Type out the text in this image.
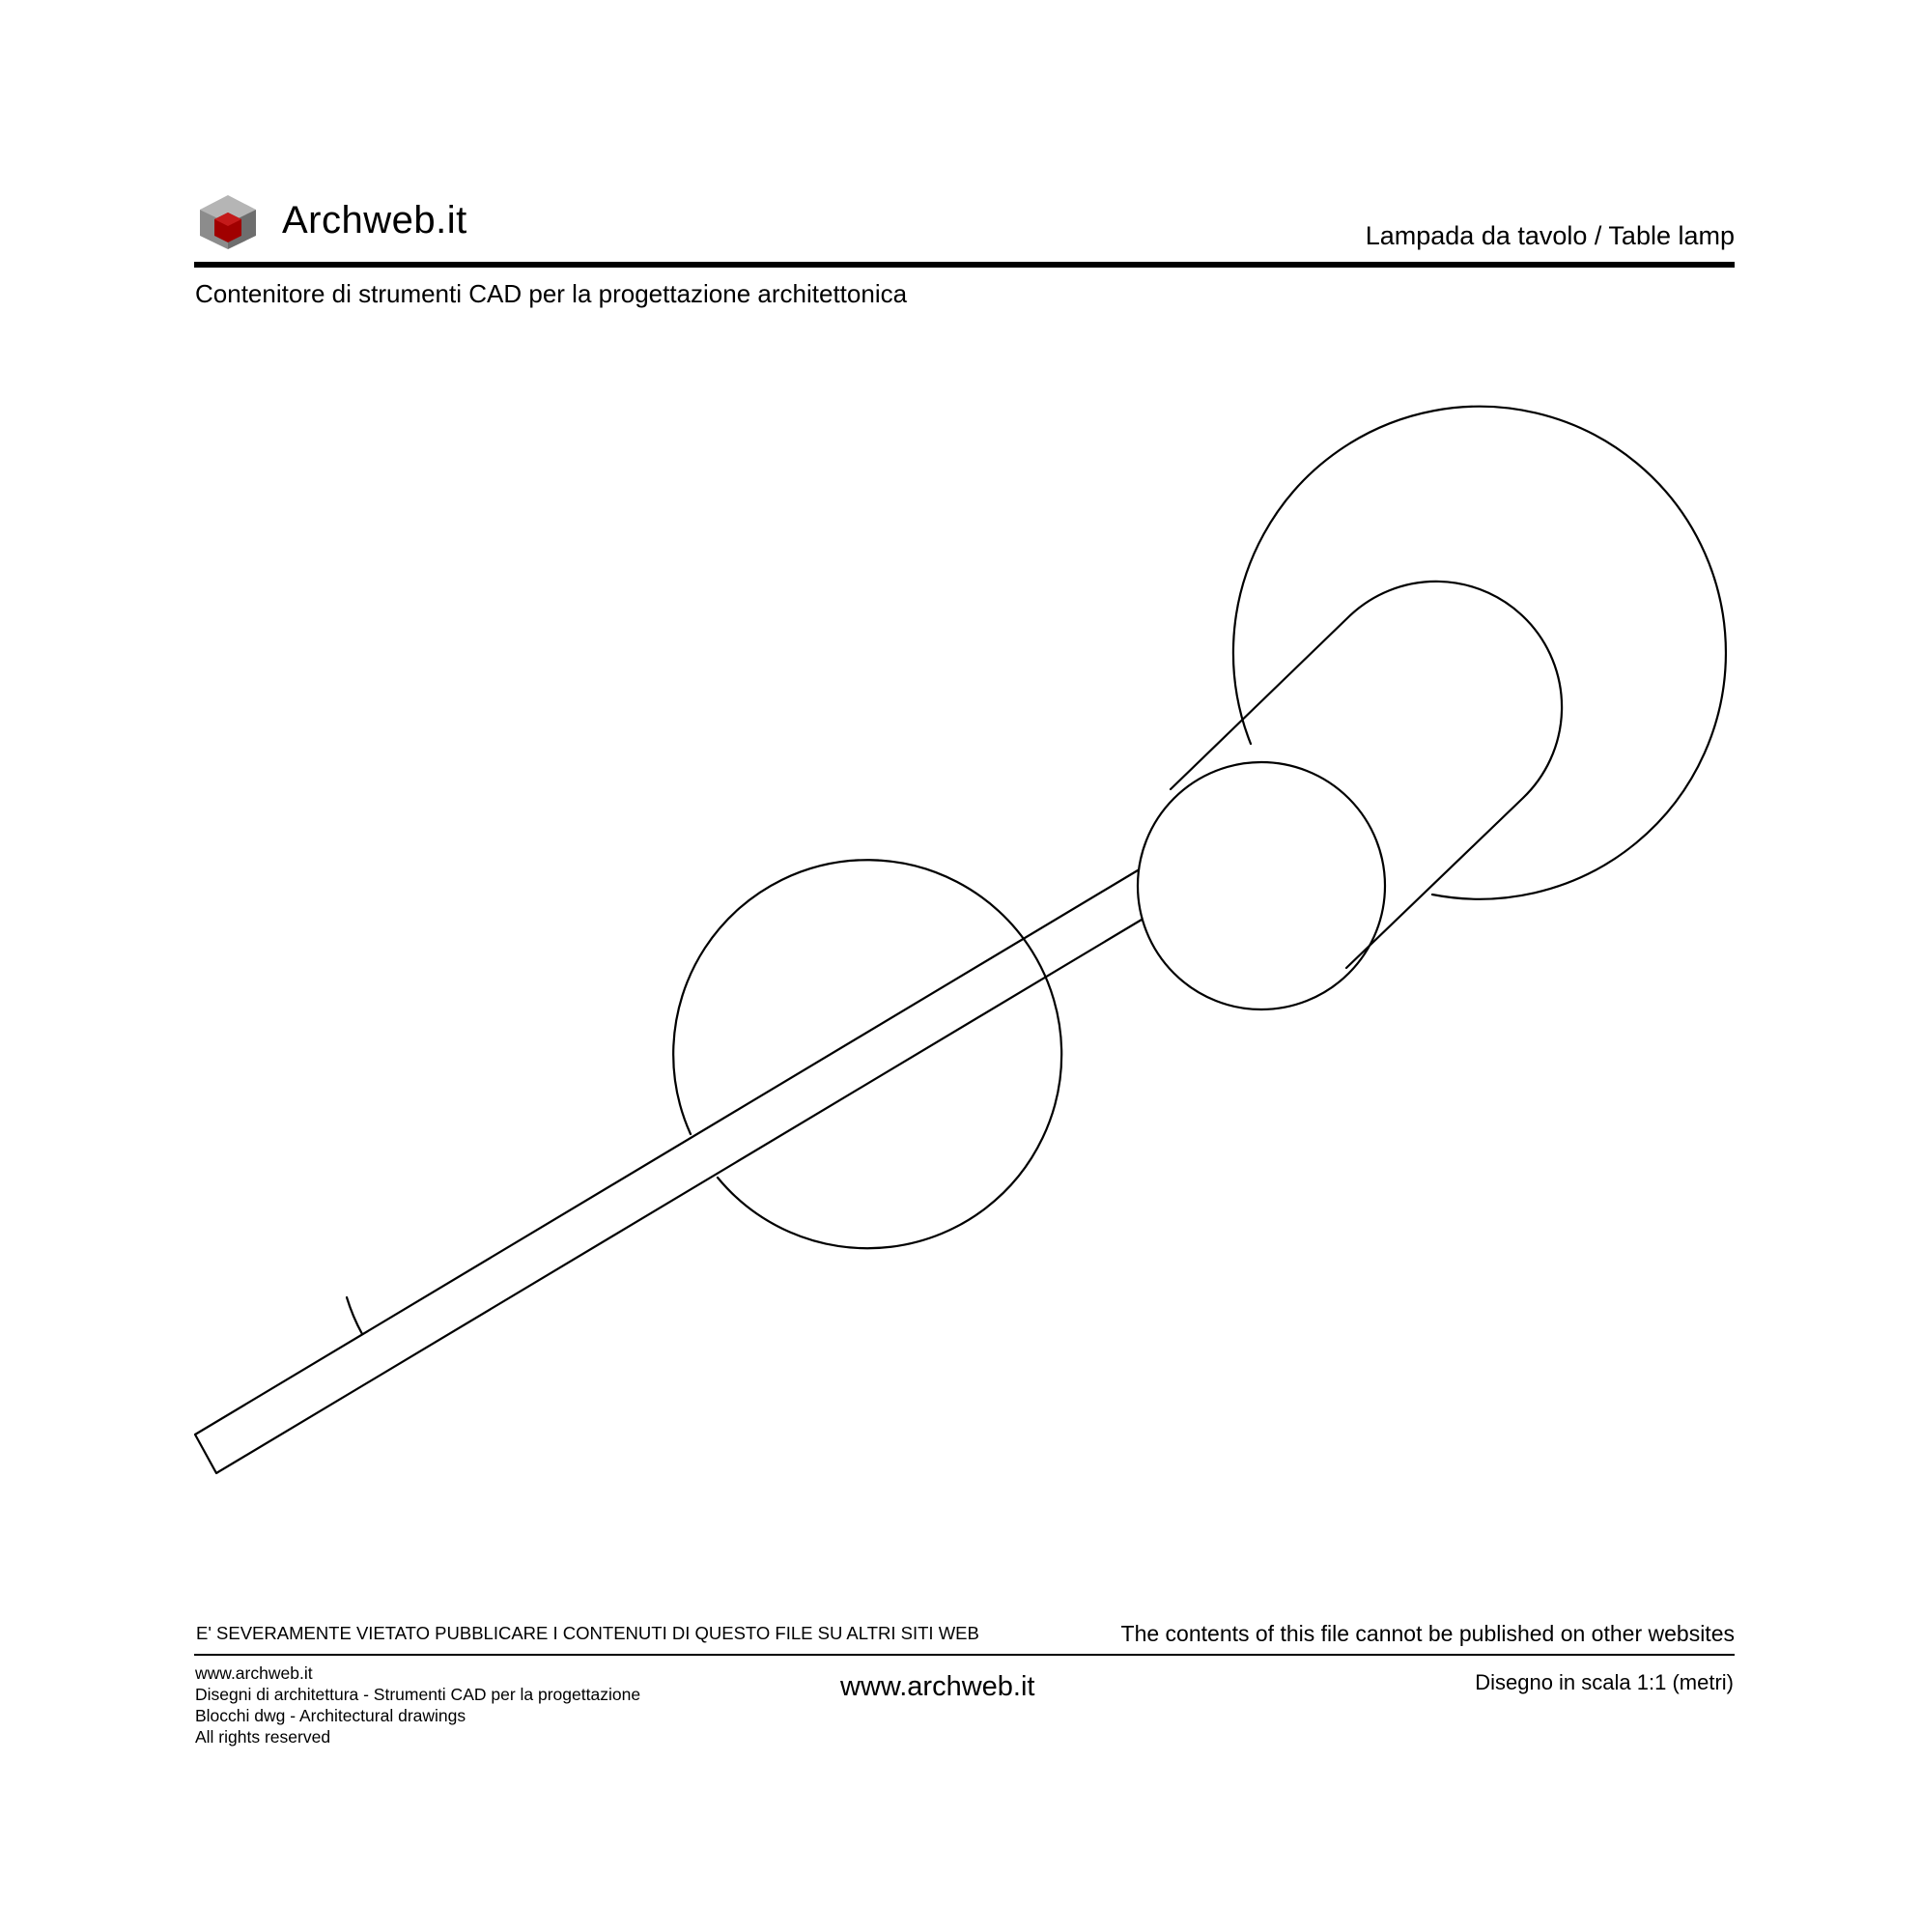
Archweb.it	Lampada da tavolo / Table lamp
Contenitore di strumenti CAD per la progettazione architettonica
E' SEVERAMENTE VIETATO PUBBLICARE I CONTENUTI DI QUESTO FILE SU ALTRI SITI WEB	The contents of this file cannot be published on other websites
www.archweb.it
Disegni di architettura - Strumenti CAD per la progettazione
Blocchi dwg - Architectural drawings
All rights reserved
www.archweb.it	Disegno in scala 1:1 (metri)
